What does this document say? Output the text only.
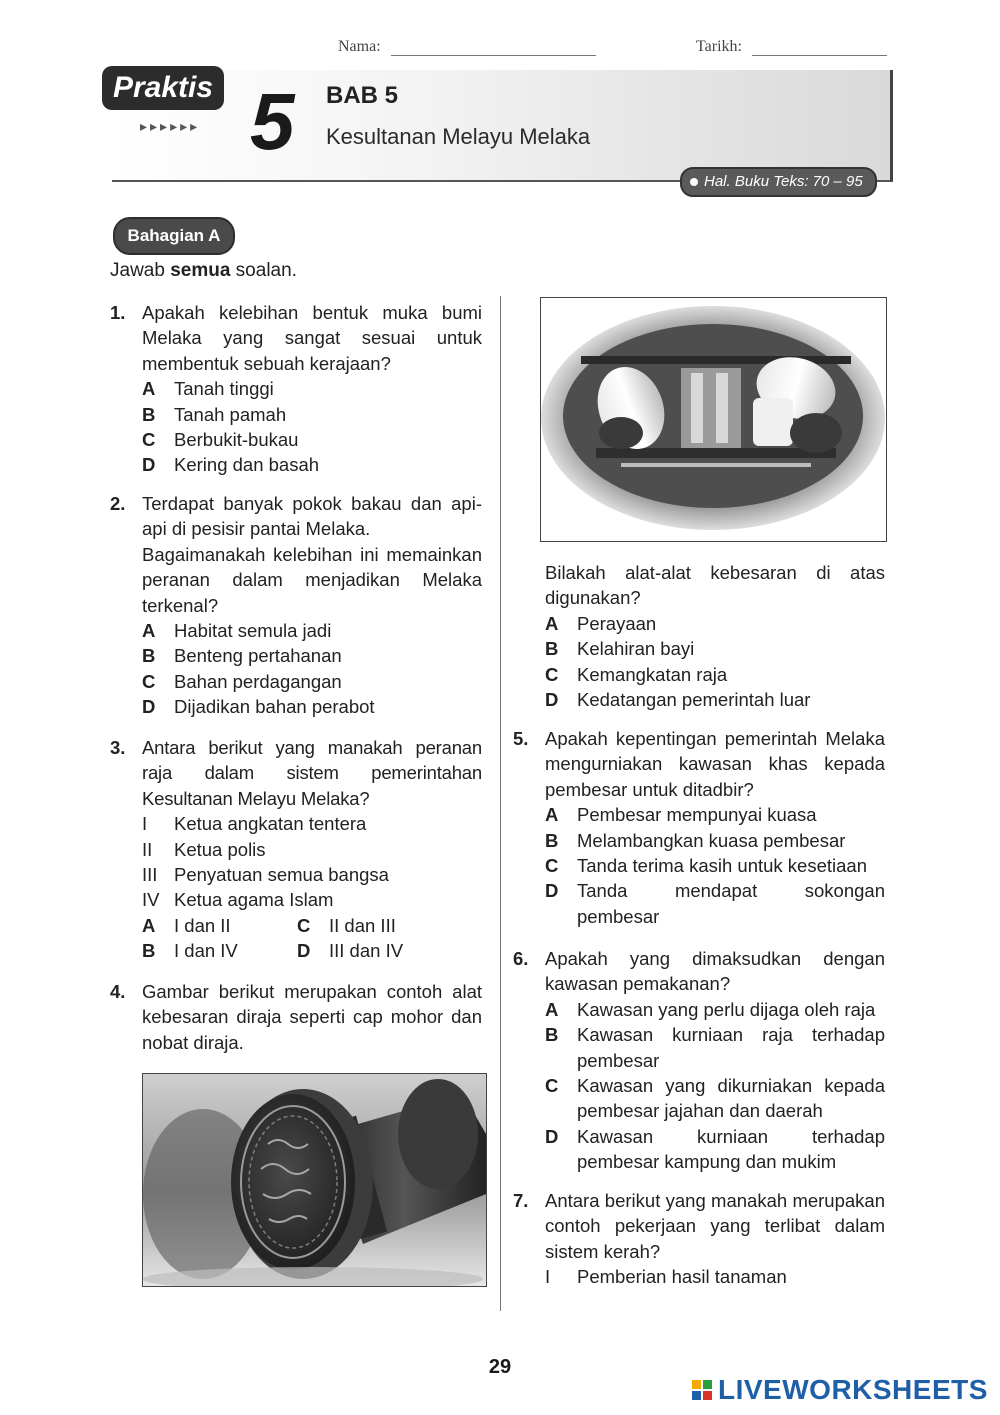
Nama:	Tarikh:
Praktis
▸▸▸▸▸▸ 5 BAB 5
Kesultanan Melayu Melaka
Hal. Buku Teks: 70 – 95
Bahagian A
Jawab semua soalan.
1. Apakah kelebihan bentuk muka bumi Melaka yang sangat sesuai untuk membentuk sebuah kerajaan?
A	Tanah tinggi
B	Tanah pamah
C	Berbukit-bukau
D	Kering dan basah
2. Terdapat banyak pokok bakau dan api-api di pesisir pantai Melaka.
Bagaimanakah kelebihan ini memainkan peranan dalam menjadikan Melaka terkenal?
A	Habitat semula jadi
B	Benteng pertahanan
C	Bahan perdagangan
D	Dijadikan bahan perabot
3. Antara berikut yang manakah peranan raja dalam sistem pemerintahan Kesultanan Melayu Melaka?
I	Ketua angkatan tentera
II	Ketua polis
III Penyatuan semua bangsa
IV Ketua agama Islam
A	I dan II	C	II dan III
B	I dan IV	D	III dan IV
4. Gambar berikut merupakan contoh alat kebesaran diraja seperti cap mohor dan nobat diraja.
Bilakah alat-alat kebesaran di atas digunakan?
A	Perayaan
B	Kelahiran bayi
C	Kemangkatan raja
D	Kedatangan pemerintah luar
5. Apakah kepentingan pemerintah Melaka mengurniakan kawasan khas kepada pembesar untuk ditadbir?
A	Pembesar mempunyai kuasa
B	Melambangkan kuasa pembesar
C	Tanda terima kasih untuk kesetiaan
D	Tanda mendapat sokongan pembesar
6. Apakah yang dimaksudkan dengan kawasan pemakanan?
A	Kawasan yang perlu dijaga oleh raja
B	Kawasan kurniaan raja terhadap pembesar
C	Kawasan yang dikurniakan kepada pembesar jajahan dan daerah
D	Kawasan kurniaan terhadap pembesar kampung dan mukim
7. Antara berikut yang manakah merupakan contoh pekerjaan yang terlibat dalam sistem kerah?
I	Pemberian hasil tanaman
29
LIVEWORKSHEETS
